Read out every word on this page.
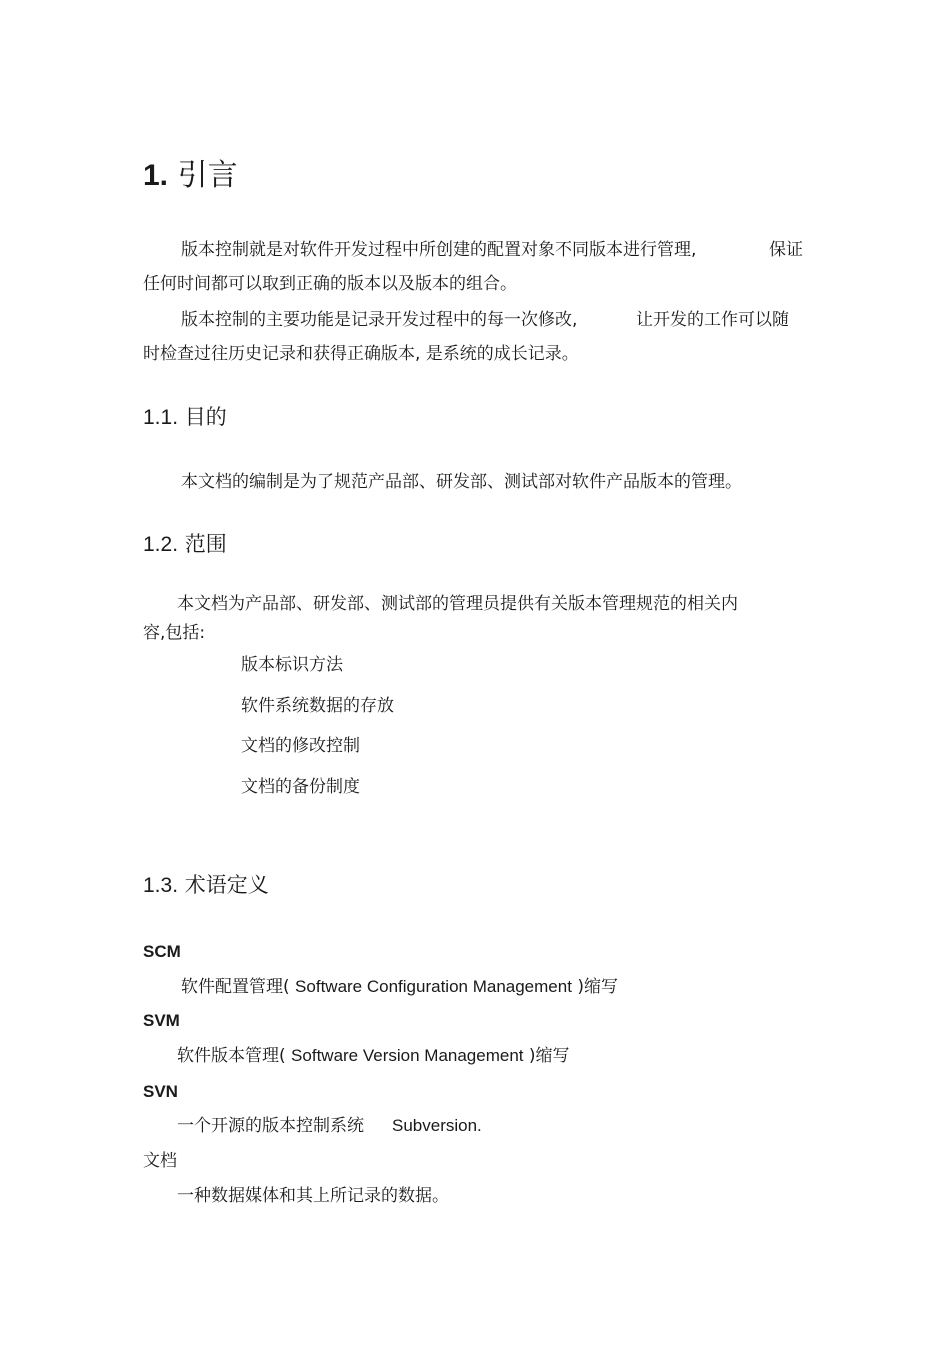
1. 引言
版本控制就是对软件开发过程中所创建的配置对象不同版本进行管理,	保证
任何时间都可以取到正确的版本以及版本的组合。
版本控制的主要功能是记录开发过程中的每一次修改,	让开发的工作可以随
时检查过往历史记录和获得正确版本, 是系统的成长记录。
1.1. 目的
本文档的编制是为了规范产品部、研发部、测试部对软件产品版本的管理。
1.2. 范围
本文档为产品部、研发部、测试部的管理员提供有关版本管理规范的相关内
容,包括:
版本标识方法
软件系统数据的存放
文档的修改控制
文档的备份制度
1.3. 术语定义
SCM
软件配置管理( Software Configuration Management )缩写
SVM
软件版本管理( Software Version Management )缩写
SVN
一个开源的版本控制系统 Subversion.
文档
一种数据媒体和其上所记录的数据。
